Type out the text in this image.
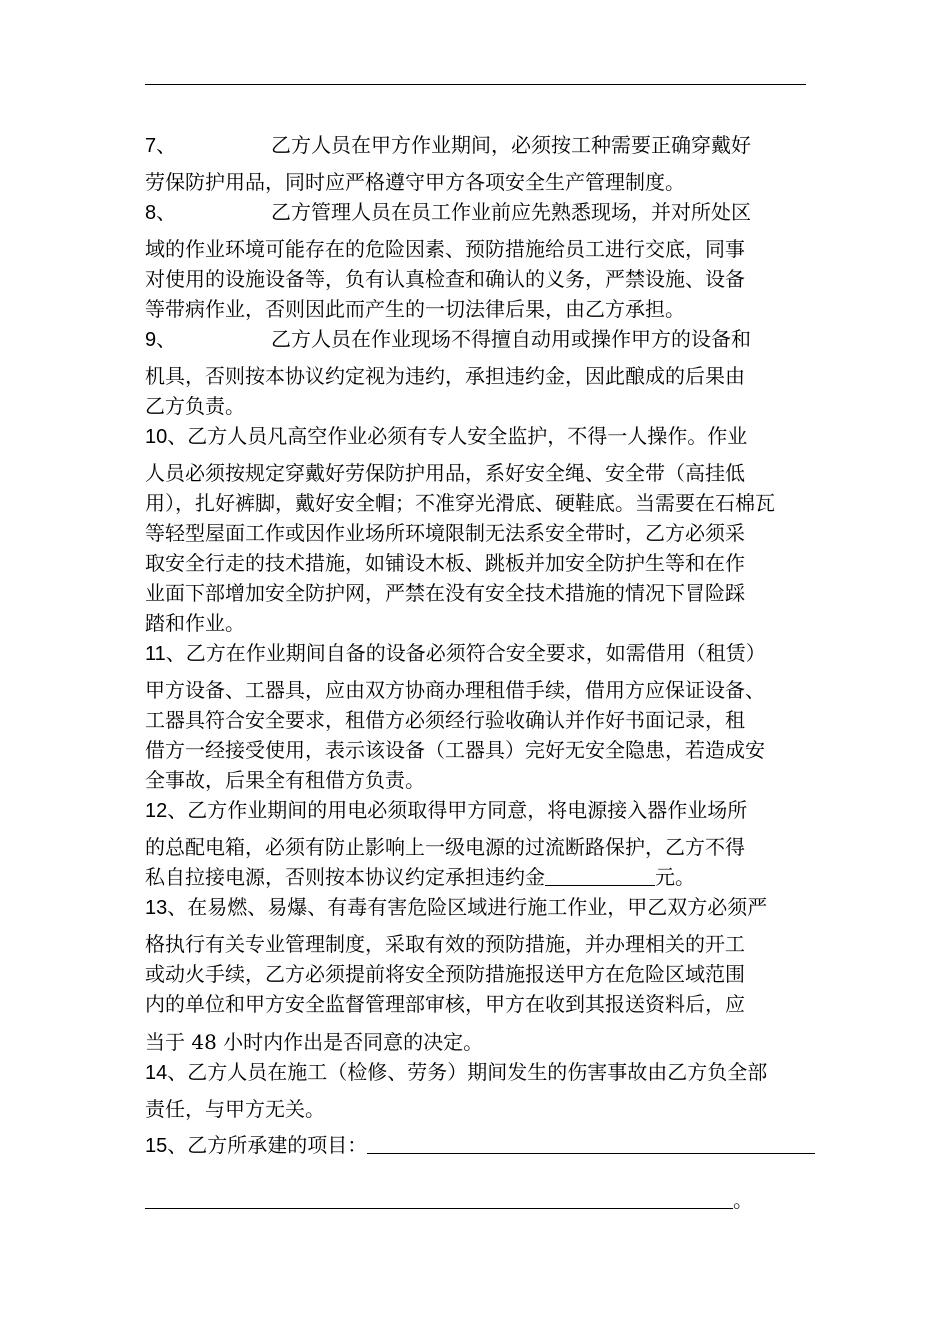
7、	乙方人员在甲方作业期间，必须按工种需要正确穿戴好
劳保防护用品，同时应严格遵守甲方各项安全生产管理制度。
8、	乙方管理人员在员工作业前应先熟悉现场，并对所处区
域的作业环境可能存在的危险因素、预防措施给员工进行交底，同事
对使用的设施设备等，负有认真检查和确认的义务，严禁设施、设备
等带病作业，否则因此而产生的一切法律后果，由乙方承担。
9、	乙方人员在作业现场不得擅自动用或操作甲方的设备和
机具，否则按本协议约定视为违约，承担违约金，因此酿成的后果由
乙方负责。
10、乙方人员凡高空作业必须有专人安全监护，不得一人操作。作业
人员必须按规定穿戴好劳保防护用品，系好安全绳、安全带（高挂低
用），扎好裤脚，戴好安全帽；不准穿光滑底、硬鞋底。当需要在石棉瓦
等轻型屋面工作或因作业场所环境限制无法系安全带时，乙方必须采
取安全行走的技术措施，如铺设木板、跳板并加安全防护生等和在作
业面下部增加安全防护网，严禁在没有安全技术措施的情况下冒险踩
踏和作业。
11、乙方在作业期间自备的设备必须符合安全要求，如需借用（租赁）
甲方设备、工器具，应由双方协商办理租借手续，借用方应保证设备、
工器具符合安全要求，租借方必须经行验收确认并作好书面记录，租
借方一经接受使用，表示该设备（工器具）完好无安全隐患，若造成安
全事故，后果全有租借方负责。
12、乙方作业期间的用电必须取得甲方同意，将电源接入器作业场所
的总配电箱，必须有防止影响上一级电源的过流断路保护，乙方不得
私自拉接电源，否则按本协议约定承担违约金	元。
13、在易燃、易爆、有毒有害危险区域进行施工作业，甲乙双方必须严
格执行有关专业管理制度，采取有效的预防措施，并办理相关的开工
或动火手续，乙方必须提前将安全预防措施报送甲方在危险区域范围
内的单位和甲方安全监督管理部审核，甲方在收到其报送资料后，应
当于 48 小时内作出是否同意的决定。
14、乙方人员在施工（检修、劳务）期间发生的伤害事故由乙方负全部
责任，与甲方无关。
15、乙方所承建的项目：
。
